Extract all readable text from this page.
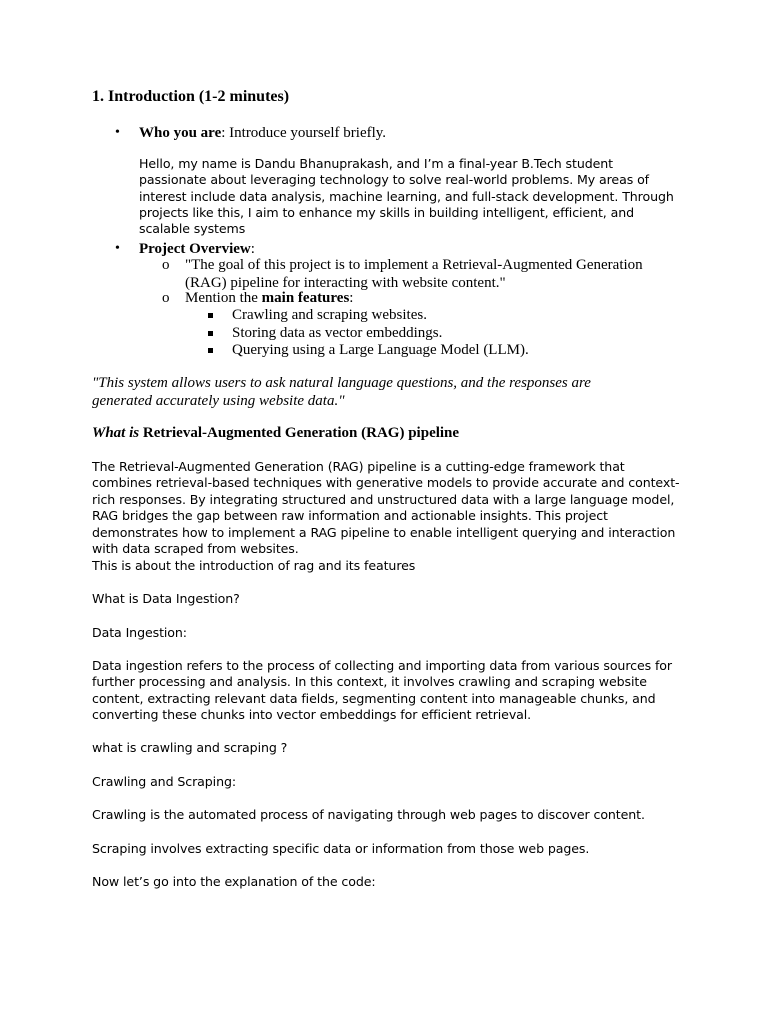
1. Introduction (1-2 minutes)
• Who you are: Introduce yourself briefly.
Hello, my name is Dandu Bhanuprakash, and I’m a final-year B.Tech student passionate about leveraging technology to solve real-world problems. My areas of interest include data analysis, machine learning, and full-stack development. Through projects like this, I aim to enhance my skills in building intelligent, efficient, and scalable systems
• Project Overview:
o "The goal of this project is to implement a Retrieval-Augmented Generation (RAG) pipeline for interacting with website content."
o Mention the main features:
Crawling and scraping websites.
Storing data as vector embeddings.
Querying using a Large Language Model (LLM).
"This system allows users to ask natural language questions, and the responses are generated accurately using website data."
What is Retrieval-Augmented Generation (RAG) pipeline
The Retrieval-Augmented Generation (RAG) pipeline is a cutting-edge framework that combines retrieval-based techniques with generative models to provide accurate and context-rich responses. By integrating structured and unstructured data with a large language model, RAG bridges the gap between raw information and actionable insights. This project demonstrates how to implement a RAG pipeline to enable intelligent querying and interaction with data scraped from websites.
This is about the introduction of rag and its features
What is Data Ingestion?
Data Ingestion:
Data ingestion refers to the process of collecting and importing data from various sources for further processing and analysis. In this context, it involves crawling and scraping website content, extracting relevant data fields, segmenting content into manageable chunks, and converting these chunks into vector embeddings for efficient retrieval.
what is crawling and scraping ?
Crawling and Scraping:
Crawling is the automated process of navigating through web pages to discover content.
Scraping involves extracting specific data or information from those web pages.
Now let’s go into the explanation of the code:
